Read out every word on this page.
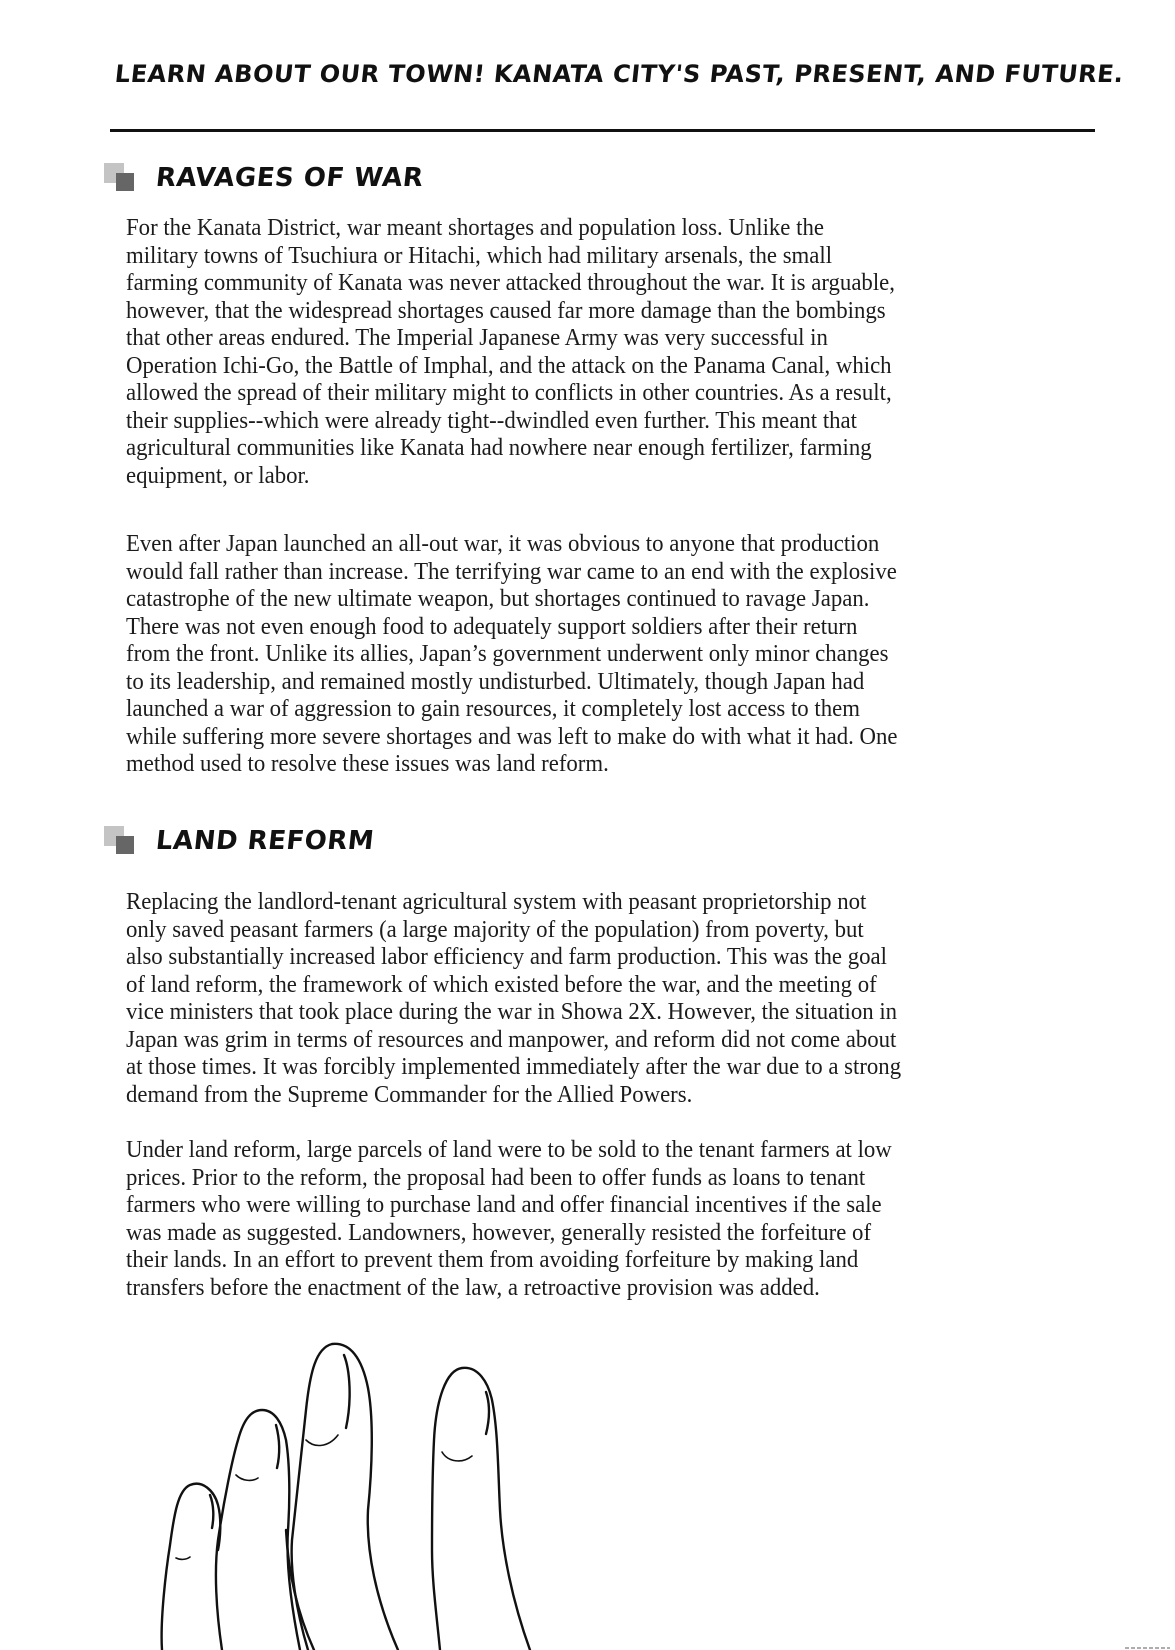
LEARN ABOUT OUR TOWN! KANATA CITY'S PAST, PRESENT, AND FUTURE.
RAVAGES OF WAR
For the Kanata District, war meant shortages and population loss. Unlike the
military towns of Tsuchiura or Hitachi, which had military arsenals, the small
farming community of Kanata was never attacked throughout the war. It is arguable,
however, that the widespread shortages caused far more damage than the bombings
that other areas endured. The Imperial Japanese Army was very successful in
Operation Ichi-Go, the Battle of Imphal, and the attack on the Panama Canal, which
allowed the spread of their military might to conflicts in other countries. As a result,
their supplies--which were already tight--dwindled even further. This meant that
agricultural communities like Kanata had nowhere near enough fertilizer, farming
equipment, or labor.
Even after Japan launched an all-out war, it was obvious to anyone that production
would fall rather than increase. The terrifying war came to an end with the explosive
catastrophe of the new ultimate weapon, but shortages continued to ravage Japan.
There was not even enough food to adequately support soldiers after their return
from the front. Unlike its allies, Japan’s government underwent only minor changes
to its leadership, and remained mostly undisturbed. Ultimately, though Japan had
launched a war of aggression to gain resources, it completely lost access to them
while suffering more severe shortages and was left to make do with what it had. One
method used to resolve these issues was land reform.
LAND REFORM
Replacing the landlord-tenant agricultural system with peasant proprietorship not
only saved peasant farmers (a large majority of the population) from poverty, but
also substantially increased labor efficiency and farm production. This was the goal
of land reform, the framework of which existed before the war, and the meeting of
vice ministers that took place during the war in Showa 2X. However, the situation in
Japan was grim in terms of resources and manpower, and reform did not come about
at those times. It was forcibly implemented immediately after the war due to a strong
demand from the Supreme Commander for the Allied Powers.
Under land reform, large parcels of land were to be sold to the tenant farmers at low
prices. Prior to the reform, the proposal had been to offer funds as loans to tenant
farmers who were willing to purchase land and offer financial incentives if the sale
was made as suggested. Landowners, however, generally resisted the forfeiture of
their lands. In an effort to prevent them from avoiding forfeiture by making land
transfers before the enactment of the law, a retroactive provision was added.
